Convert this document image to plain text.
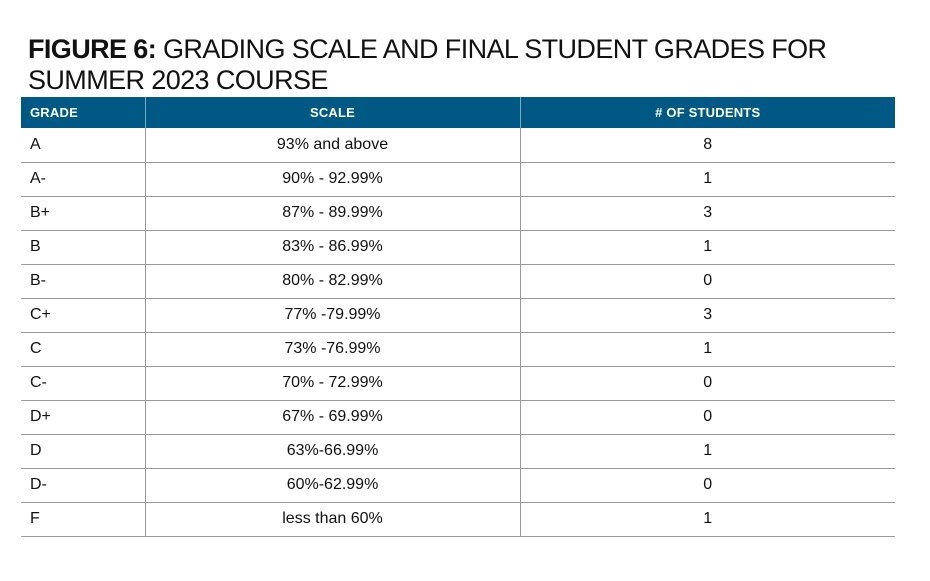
FIGURE 6: GRADING SCALE AND FINAL STUDENT GRADES FOR SUMMER 2023 COURSE
GRADE	SCALE	# OF STUDENTS
A	93% and above	8
A-	90% - 92.99%	1
B+	87% - 89.99%	3
B	83% - 86.99%	1
B-	80% - 82.99%	0
C+	77% -79.99%	3
C	73% -76.99%	1
C-	70% - 72.99%	0
D+	67% - 69.99%	0
D	63%-66.99%	1
D-	60%-62.99%	0
F	less than 60%	1
